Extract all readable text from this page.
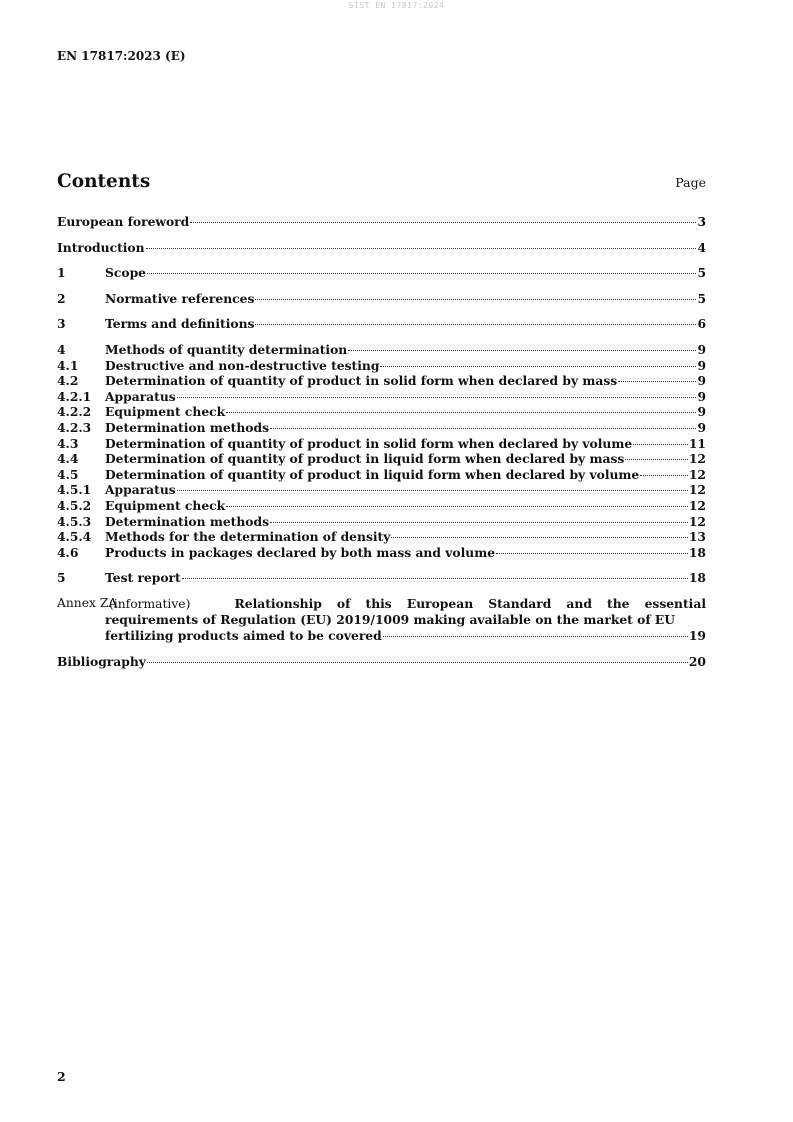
SIST EN 17817:2024
EN 17817:2023 (E)
Contents	Page
European foreword	3
Introduction	4
1	Scope	5
2	Normative references	5
3	Terms and definitions	6
4	Methods of quantity determination	9
4.1	Destructive and non-destructive testing	9
4.2	Determination of quantity of product in solid form when declared by mass	9
4.2.1	Apparatus	9
4.2.2	Equipment check	9
4.2.3	Determination methods	9
4.3	Determination of quantity of product in solid form when declared by volume	11
4.4	Determination of quantity of product in liquid form when declared by mass	12
4.5	Determination of quantity of product in liquid form when declared by volume	12
4.5.1	Apparatus	12
4.5.2	Equipment check	12
4.5.3	Determination methods	12
4.5.4	Methods for the determination of density	13
4.6	Products in packages declared by both mass and volume	18
5	Test report	18
Annex ZA
(informative)	Relationship of this European Standard and the essential
requirements of Regulation (EU) 2019/1009 making available on the market of EU
fertilizing products aimed to be covered	19
Bibliography	20
2
